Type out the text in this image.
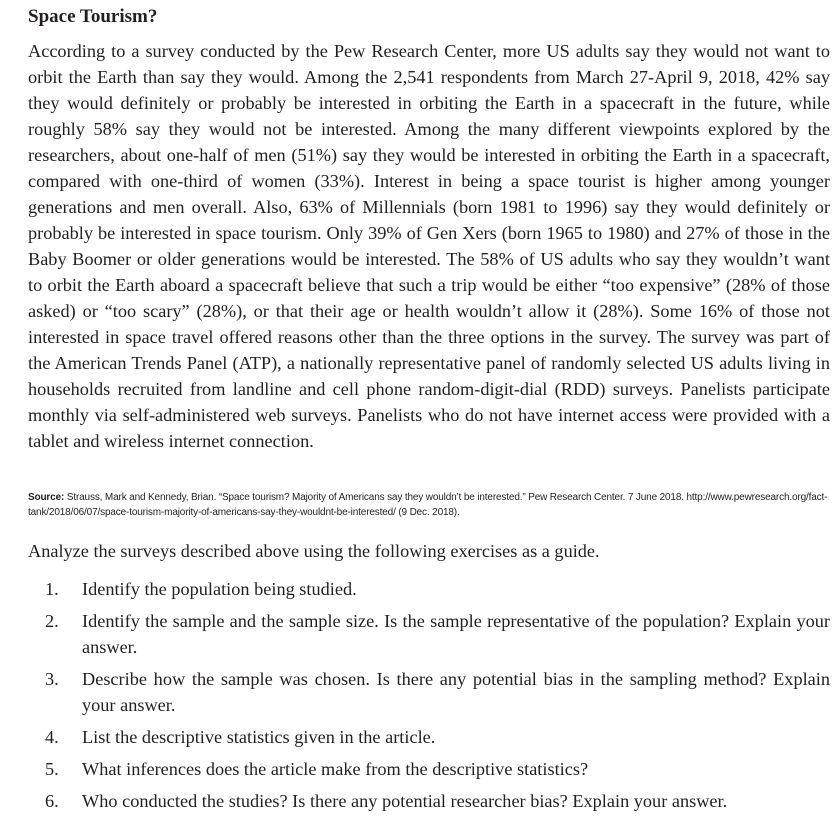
Space Tourism?

According to a survey conducted by the Pew Research Center, more US adults say they would not want to orbit the Earth than say they would. Among the 2,541 respondents from March 27-April 9, 2018, 42% say they would definitely or probably be interested in orbiting the Earth in a spacecraft in the future, while roughly 58% say they would not be interested. Among the many different viewpoints explored by the researchers, about one-half of men (51%) say they would be interested in orbiting the Earth in a spacecraft, compared with one-third of women (33%). Interest in being a space tourist is higher among younger generations and men overall. Also, 63% of Millennials (born 1981 to 1996) say they would definitely or probably be interested in space tourism. Only 39% of Gen Xers (born 1965 to 1980) and 27% of those in the Baby Boomer or older generations would be interested. The 58% of US adults who say they wouldn’t want to orbit the Earth aboard a spacecraft believe that such a trip would be either “too expensive” (28% of those asked) or “too scary” (28%), or that their age or health wouldn’t allow it (28%). Some 16% of those not interested in space travel offered reasons other than the three options in the survey. The survey was part of the American Trends Panel (ATP), a nationally representative panel of randomly selected US adults living in households recruited from landline and cell phone random-digit-dial (RDD) surveys. Panelists participate monthly via self-administered web surveys. Panelists who do not have internet access were provided with a tablet and wireless internet connection.

Source: Strauss, Mark and Kennedy, Brian. “Space tourism? Majority of Americans say they wouldn’t be interested.” Pew Research Center. 7 June 2018. http://www.pewresearch.org/fact-tank/2018/06/07/space-tourism-majority-of-americans-say-they-wouldnt-be-interested/ (9 Dec. 2018).

Analyze the surveys described above using the following exercises as a guide.

1. Identify the population being studied.
2. Identify the sample and the sample size. Is the sample representative of the population? Explain your answer.
3. Describe how the sample was chosen. Is there any potential bias in the sampling method? Explain your answer.
4. List the descriptive statistics given in the article.
5. What inferences does the article make from the descriptive statistics?
6. Who conducted the studies? Is there any potential researcher bias? Explain your answer.
